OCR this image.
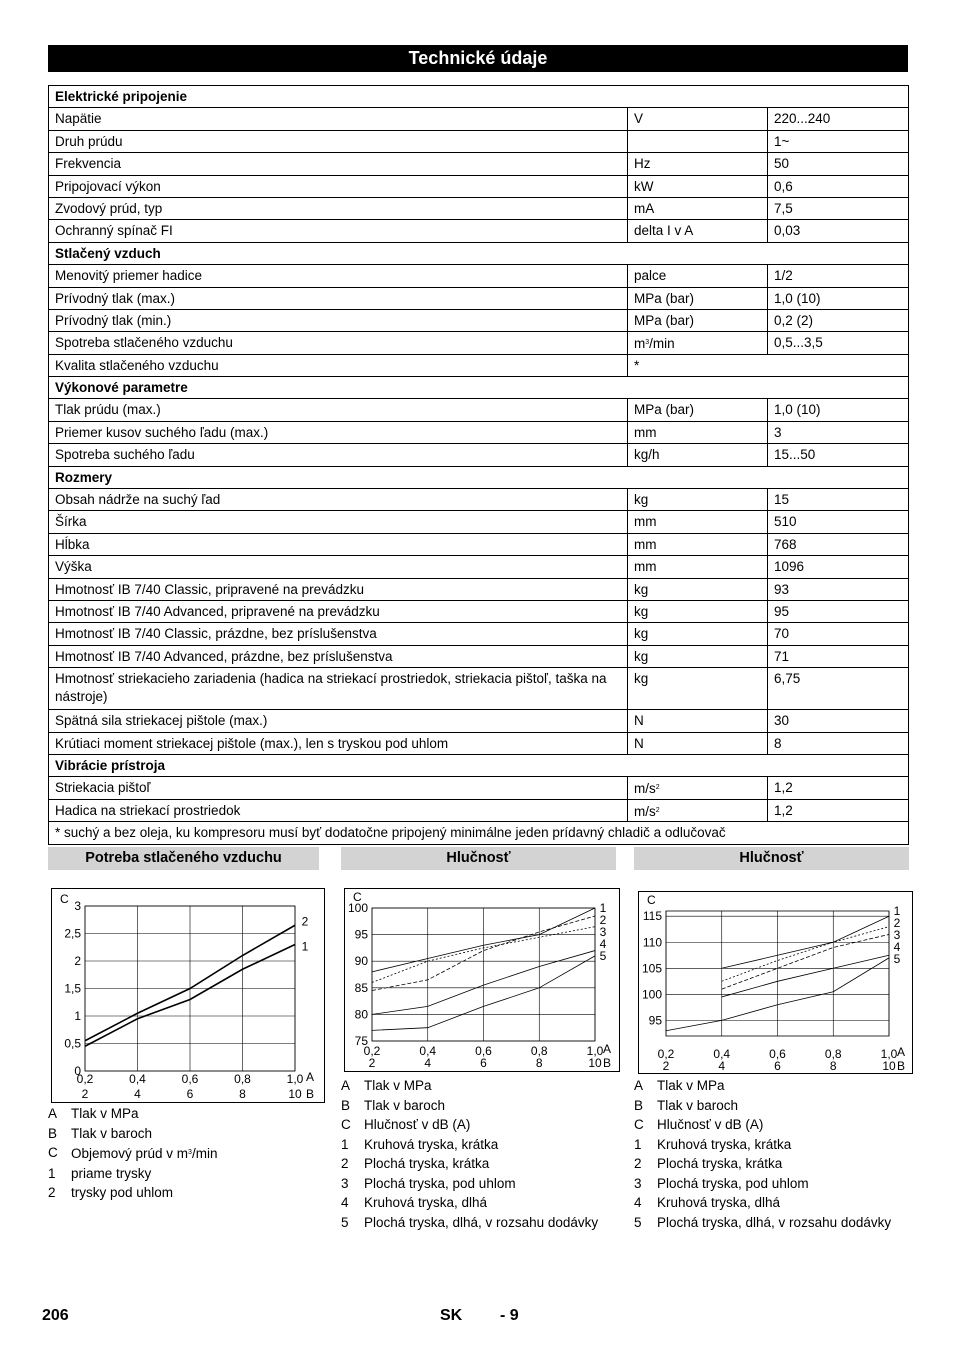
Technické údaje
Elektrické pripojenie		
Napätie	V	220...240
Druh prúdu		1~
Frekvencia	Hz	50
Pripojovací výkon	kW	0,6
Zvodový prúd, typ	mA	7,5
Ochranný spínač FI	delta I v A	0,03
Stlačený vzduch		
Menovitý priemer hadice	palce	1/2
Prívodný tlak (max.)	MPa (bar)	1,0 (10)
Prívodný tlak (min.)	MPa (bar)	0,2 (2)
Spotreba stlačeného vzduchu	$m^3/\min$	0,5...3,5
Kvalita stlačeného vzduchu	*	
Výkonové parametre		
Tlak prúdu (max.)	MPa (bar)	1,0 (10)
Priemer kusov suchého ľadu (max.)	mm	3
Spotreba suchého ľadu	kg/h	15...50
Rozmery		
Obsah nádrže na suchý ľad	kg	15
Šírka	mm	510
Hĺbka	mm	768
Výška	mm	1096
Hmotnosť IB 7/40 Classic, pripravené na prevádzku	kg	93
Hmotnosť IB 7/40 Advanced, pripravené na prevádzku	kg	95
Hmotnosť IB 7/40 Classic, prázdne, bez príslušenstva	kg	70
Hmotnosť IB 7/40 Advanced, prázdne, bez príslušenstva	kg	71
Hmotnosť striekacieho zariadenia (hadica na striekací prostriedok, striekacia pištoľ, taška na nástroje)	kg	6,75
Spätná sila striekacej pištole (max.)	N	30
Krútiaci moment striekacej pištole (max.), len s tryskou pod uhlom	N	8
Vibrácie prístroja		
Striekacia pištoľ	$m/s^2$	1,2
Hadica na striekací prostriedok	$m/s^2$	1,2
* suchý a bez oleja, ku kompresoru musí byť dodatočne pripojený minimálne jeden prídavný chladič a odlučovač		
Potreba stlačeného vzduchu	Hlučnosť	Hlučnosť
0,2
2
0,4
4
0,6
6
0,8
8
1,0
10
0
0,5
1
1,5
2
2,5
3
A
B
C
2
1
0,2
2
0,4
4
0,6
6
0,8
8
1,0
10
75
80
85
90
95
100
A
B
C
1
2
3
4
5
0,2
2
0,4
4
0,6
6
0,8
8
1,0
10
95
100
105
110
115
A
B
C
1
2
3
4
5
A	Tlak v MPa
B	Tlak v baroch
C Objemový prúd v $m^3/\min$
1	priame trysky
2	trysky pod uhlom
A	Tlak v MPa
B	Tlak v baroch
C Hlučnosť v dB (A)
1	Kruhová tryska, krátka
2	Plochá tryska, krátka
3	Plochá tryska, pod uhlom
4	Kruhová tryska, dlhá
5	Plochá tryska, dlhá, v rozsahu dodávky
A	Tlak v MPa
B	Tlak v baroch
C Hlučnosť v dB (A)
1	Kruhová tryska, krátka
2	Plochá tryska, krátka
3	Plochá tryska, pod uhlom
4	Kruhová tryska, dlhá
5	Plochá tryska, dlhá, v rozsahu dodávky
206	SK - 9
